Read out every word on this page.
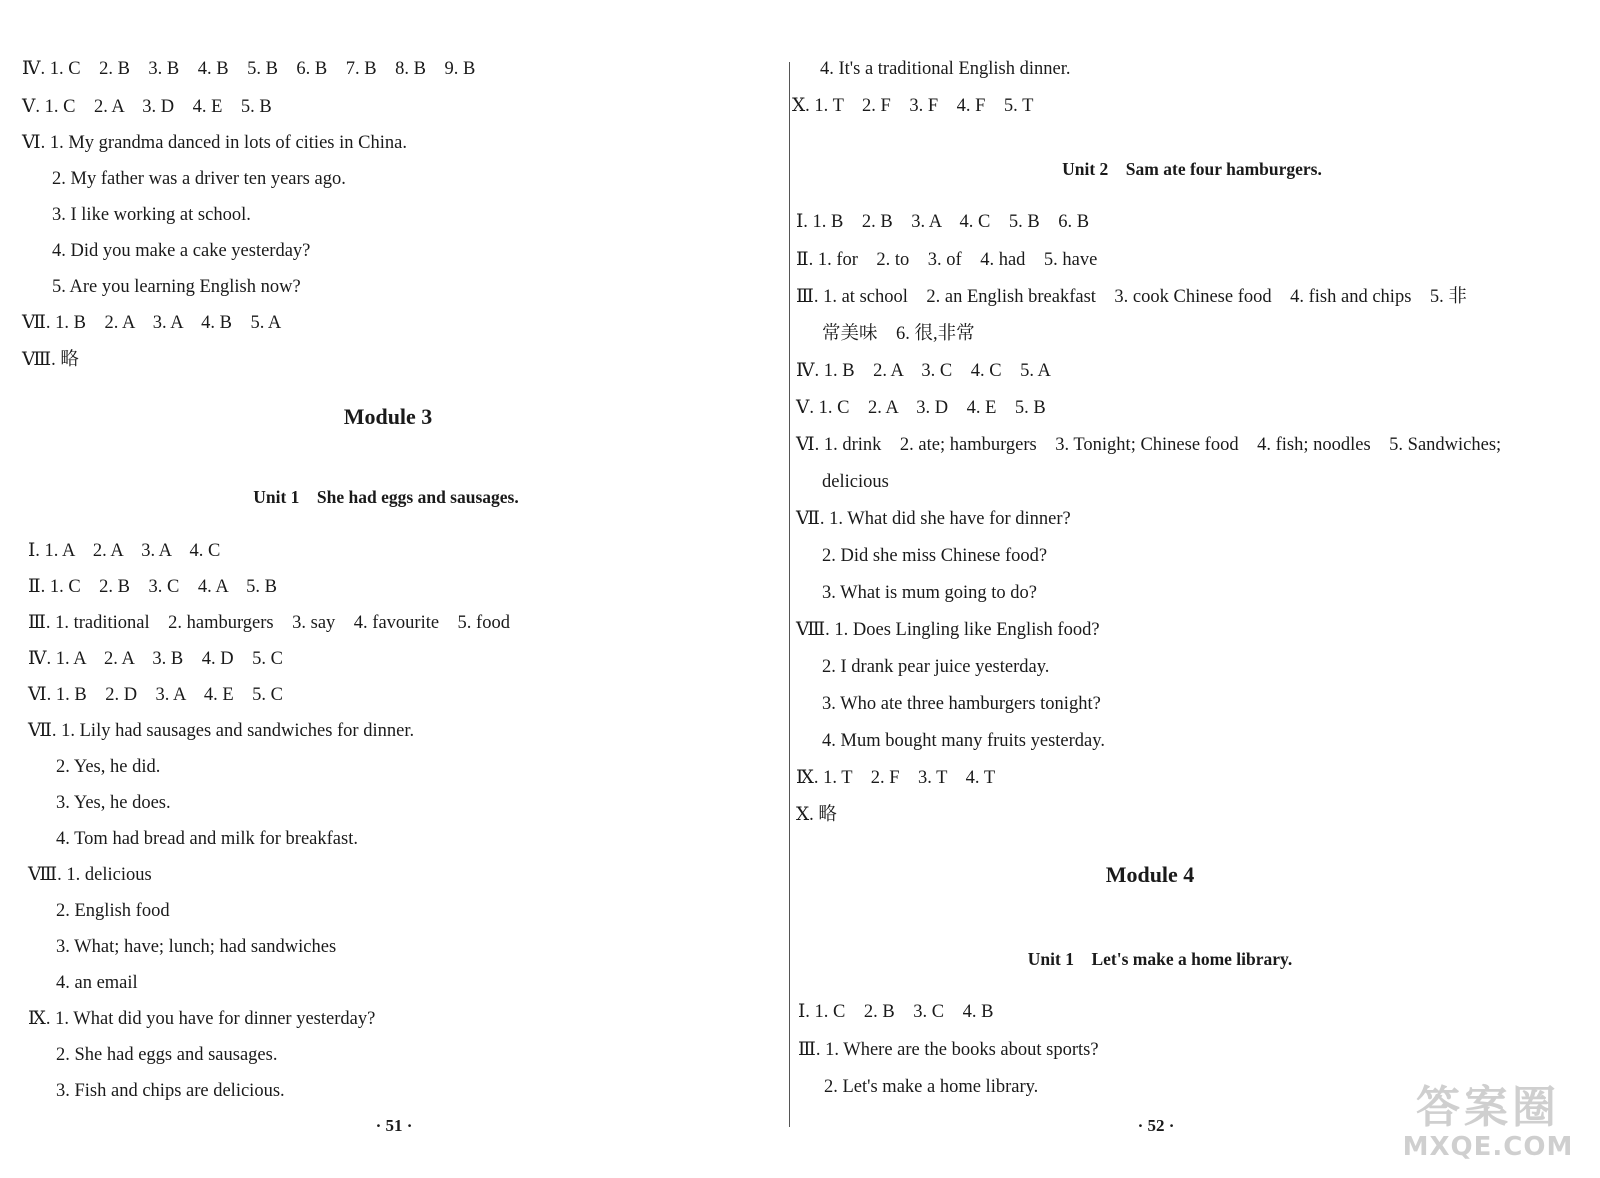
Ⅳ. 1. C　2. B　3. B　4. B　5. B　6. B　7. B　8. B　9. B
Ⅴ. 1. C　2. A　3. D　4. E　5. B
Ⅵ. 1. My grandma danced in lots of cities in China.
2. My father was a driver ten years ago.
3. I like working at school.
4. Did you make a cake yesterday?
5. Are you learning English now?
Ⅶ. 1. B　2. A　3. A　4. B　5. A
Ⅷ. 略
Ⅰ. 1. A　2. A　3. A　4. C
Ⅱ. 1. C　2. B　3. C　4. A　5. B
Ⅲ. 1. traditional　2. hamburgers　3. say　4. favourite　5. food
Ⅳ. 1. A　2. A　3. B　4. D　5. C
Ⅵ. 1. B　2. D　3. A　4. E　5. C
Ⅶ. 1. Lily had sausages and sandwiches for dinner.
2. Yes, he did.
3. Yes, he does.
4. Tom had bread and milk for breakfast.
Ⅷ. 1. delicious
2. English food
3. What; have; lunch; had sandwiches
4. an email
Ⅸ. 1. What did you have for dinner yesterday?
2. She had eggs and sausages.
3. Fish and chips are delicious.
Module 3
Unit 1　She had eggs and sausages.
· 51 ·
4. It's a traditional English dinner.
Ⅹ. 1. T　2. F　3. F　4. F　5. T
Ⅰ. 1. B　2. B　3. A　4. C　5. B　6. B
Ⅱ. 1. for　2. to　3. of　4. had　5. have
Ⅲ. 1. at school　2. an English breakfast　3. cook Chinese food　4. fish and chips　5. 非
常美味　6. 很,非常
Ⅳ. 1. B　2. A　3. C　4. C　5. A
Ⅴ. 1. C　2. A　3. D　4. E　5. B
Ⅵ. 1. drink　2. ate; hamburgers　3. Tonight; Chinese food　4. fish; noodles　5. Sandwiches;
delicious
Ⅶ. 1. What did she have for dinner?
2. Did she miss Chinese food?
3. What is mum going to do?
Ⅷ. 1. Does Lingling like English food?
2. I drank pear juice yesterday.
3. Who ate three hamburgers tonight?
4. Mum bought many fruits yesterday.
Ⅸ. 1. T　2. F　3. T　4. T
Ⅹ. 略
Ⅰ. 1. C　2. B　3. C　4. B
Ⅲ. 1. Where are the books about sports?
2. Let's make a home library.
Unit 2　Sam ate four hamburgers.
Module 4
Unit 1　Let's make a home library.
· 52 ·	答案圈
MXQE.COM
